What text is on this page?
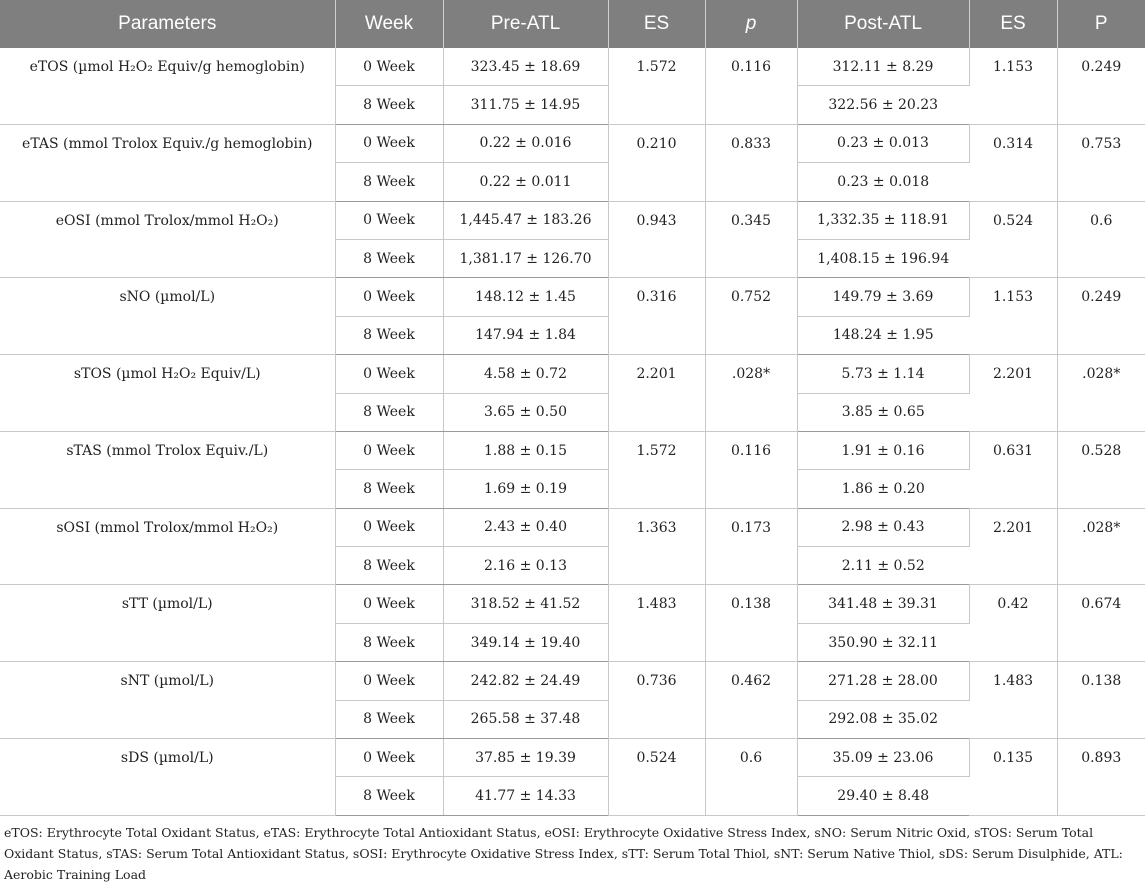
Parameters	Week	Pre-ATL	ES	p	Post-ATL	ES	P
eTOS (µmol H₂O₂ Equiv/g hemoglobin)	0 Week	323.45 ± 18.69	1.572	0.116	312.11 ± 8.29	1.153	0.249
	8 Week	311.75 ± 14.95			322.56 ± 20.23		
eTAS (mmol Trolox Equiv./g hemoglobin)	0 Week	0.22 ± 0.016	0.210	0.833	0.23 ± 0.013	0.314	0.753
	8 Week	0.22 ± 0.011			0.23 ± 0.018		
eOSI (mmol Trolox/mmol H₂O₂)	0 Week	1,445.47 ± 183.26	0.943	0.345	1,332.35 ± 118.91	0.524	0.6
	8 Week	1,381.17 ± 126.70			1,408.15 ± 196.94		
sNO (µmol/L)	0 Week	148.12 ± 1.45	0.316	0.752	149.79 ± 3.69	1.153	0.249
	8 Week	147.94 ± 1.84			148.24 ± 1.95		
sTOS (µmol H₂O₂ Equiv/L)	0 Week	4.58 ± 0.72	2.201	.028*	5.73 ± 1.14	2.201	.028*
	8 Week	3.65 ± 0.50			3.85 ± 0.65		
sTAS (mmol Trolox Equiv./L)	0 Week	1.88 ± 0.15	1.572	0.116	1.91 ± 0.16	0.631	0.528
	8 Week	1.69 ± 0.19			1.86 ± 0.20		
sOSI (mmol Trolox/mmol H₂O₂)	0 Week	2.43 ± 0.40	1.363	0.173	2.98 ± 0.43	2.201	.028*
	8 Week	2.16 ± 0.13			2.11 ± 0.52		
sTT (µmol/L)	0 Week	318.52 ± 41.52	1.483	0.138	341.48 ± 39.31	0.42	0.674
	8 Week	349.14 ± 19.40			350.90 ± 32.11		
sNT (µmol/L)	0 Week	242.82 ± 24.49	0.736	0.462	271.28 ± 28.00	1.483	0.138
	8 Week	265.58 ± 37.48			292.08 ± 35.02		
sDS (µmol/L)	0 Week	37.85 ± 19.39	0.524	0.6	35.09 ± 23.06	0.135	0.893
	8 Week	41.77 ± 14.33			29.40 ± 8.48		
eTOS: Erythrocyte Total Oxidant Status, eTAS: Erythrocyte Total Antioxidant Status, eOSI: Erythrocyte Oxidative Stress Index, sNO: Serum Nitric Oxid, sTOS: Serum Total Oxidant Status, sTAS: Serum Total Antioxidant Status, sOSI: Erythrocyte Oxidative Stress Index, sTT: Serum Total Thiol, sNT: Serum Native Thiol, sDS: Serum Disulphide, ATL: Aerobic Training Load
